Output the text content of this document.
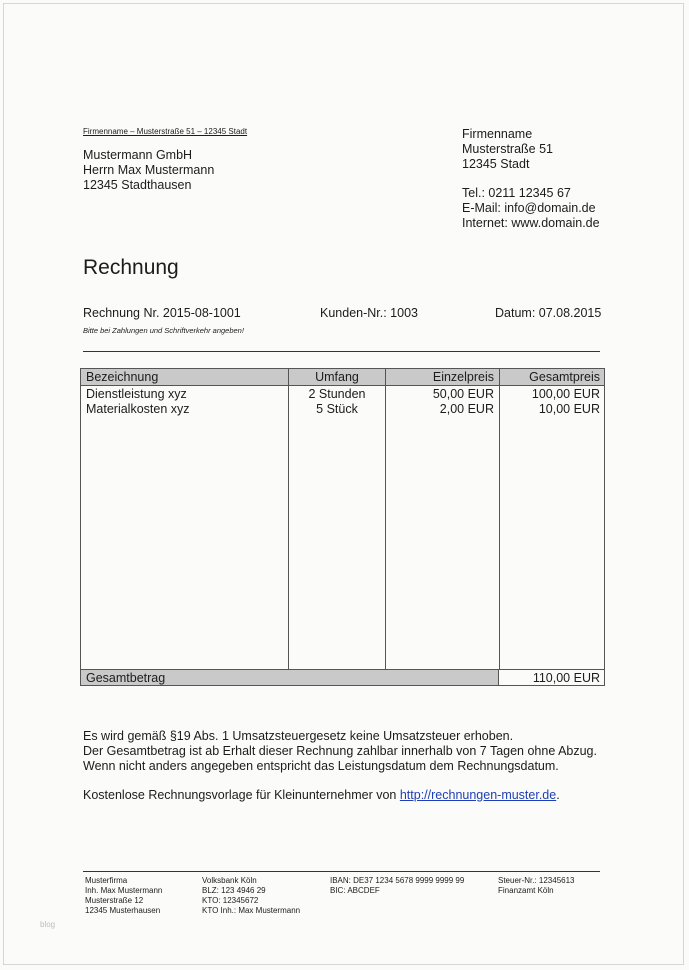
Firmenname – Musterstraße 51 – 12345 Stadt
Mustermann GmbH
Herrn Max Mustermann
12345 Stadthausen
Firmenname
Musterstraße 51
12345 Stadt
Tel.: 0211 12345 67
E-Mail: info@domain.de
Internet: www.domain.de
Rechnung
Rechnung Nr. 2015-08-1001	Kunden-Nr.: 1003	Datum: 07.08.2015
Bitte bei Zahlungen und Schriftverkehr angeben!
Bezeichnung	Umfang	Einzelpreis	Gesamtpreis
Dienstleistung xyz	2 Stunden	50,00 EUR	100,00 EUR
Materialkosten xyz	5 Stück	2,00 EUR	10,00 EUR
Gesamtbetrag	110,00 EUR
Es wird gemäß §19 Abs. 1 Umsatzsteuergesetz keine Umsatzsteuer erhoben.
Der Gesamtbetrag ist ab Erhalt dieser Rechnung zahlbar innerhalb von 7 Tagen ohne Abzug.
Wenn nicht anders angegeben entspricht das Leistungsdatum dem Rechnungsdatum.
Kostenlose Rechnungsvorlage für Kleinunternehmer von http://rechnungen-muster.de.
Musterfirma
Inh. Max Mustermann
Musterstraße 12
12345 Musterhausen
Volksbank Köln
BLZ: 123 4946 29
KTO: 12345672
KTO Inh.: Max Mustermann
IBAN: DE37 1234 5678 9999 9999 99
BIC: ABCDEF
Steuer-Nr.: 12345613
Finanzamt Köln
blog
